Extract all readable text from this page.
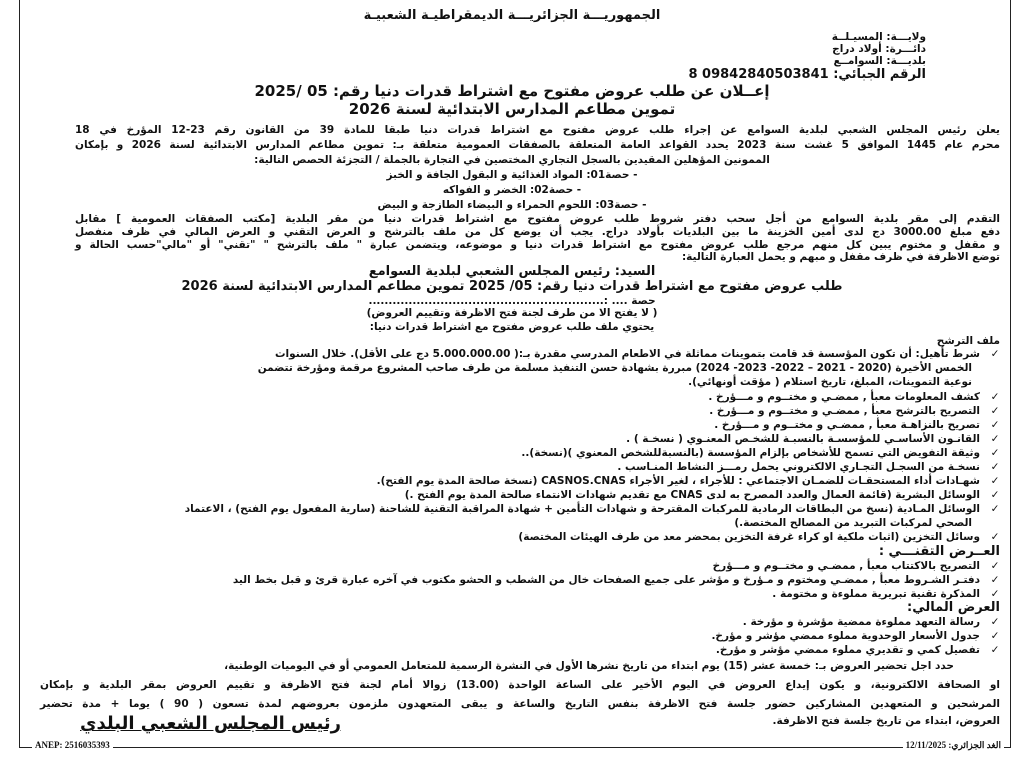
الجمهوريـــة الجزائريـــة الديمقراطيـة الشعبيـة
ولايـــة: المسيـلــة
دائـــرة: أولاد دراج
بلديـــة: السوامــع
الرقم الجبائي: 09842840503841 8
إعــلان عن طلب عروض مفتوح مع اشتراط قدرات دنيا رقم: 05 /2025
تموين مطاعم المدارس الابتدائية لسنة 2026
يعلن رئيس المجلس الشعبي لبلدية السوامع عن إجراء طلب عروض مفتوح مع اشتراط قدرات دنيا طبقا للمادة 39 من القانون رقم 23-12 المؤرخ في 18
محرم عام 1445 الموافق 5 غشت سنة 2023 يحدد القواعد العامة المتعلقة بالصفقات العمومية متعلقة بـ: تموين مطاعم المدارس الابتدائية لسنة 2026 و بإمكان
الممونين المؤهلين المقيدين بالسجل التجاري المختصين في التجارة بالجملة / التجزئة الحصص التالية:
- حصة01: المواد الغذائية و البقول الجافة و الخبز
- حصة02: الخضر و الفواكه
- حصة03: اللحوم الحمراء و البيضاء الطازجة و البيض
التقدم إلى مقر بلدية السوامع من أجل سحب دفتر شروط طلب عروض مفتوح مع اشتراط قدرات دنيا من مقر البلدية [مكتب الصفقات العمومية ] مقابل
دفع مبلغ 3000.00 دج لدى أمين الخزينة ما بين البلديات بأولاد دراج. يجب أن يوضع كل من ملف بالترشح و العرض التقني و العرض المالي في ظرف منفصل
و مقفل و مختوم يبين كل منهم مرجع طلب عروض مفتوح مع اشتراط قدرات دنيا و موضوعه، ويتضمن عبارة " ملف بالترشح " "تقني" أو "مالي"حسب الحالة و
توضع الاظرفة في ظرف مقفل و مبهم و يحمل العبارة التالية:
السيد: رئيس المجلس الشعبي لبلدية السوامع
طلب عروض مفتوح مع اشتراط قدرات دنيا رقم: 05/ 2025 تموين مطاعم المدارس الابتدائية لسنة 2026
حصة .... :...........................................................
( لا يفتح الا من طرف لجنة فتح الاظرفة وتقييم العروض)
يحتوي ملف طلب عروض مفتوح مع اشتراط قدرات دنيا:
ملف الترشح
✓شرط تأهيل: أن تكون المؤسسة قد قامت بتموينات مماثلة في الاطعام المدرسي مقدرة بـ:( 5.000.000.00 دج على الأقل). خلال السنوات
الخمس الأخيرة (2020 - 2021 – 2022- 2023- 2024) مبررة بشهادة حسن التنفيذ مسلمة من طرف صاحب المشروع مرقمة ومؤرخة تتضمن
نوعية التموينات، المبلغ، تاريخ استلام ( مؤقت أونهائي).
✓كشف المعلومات معبأ , ممضـي و مختــوم و مـــؤرخ .
✓التصريح بالترشح معبأ , ممضـي و مختــوم و مـــؤرخ .
✓تصريح بالنزاهـة معبأ , ممضـي و مختــوم و مـــؤرخ .
✓القانـون الأساسـي للمؤسسـة بالنسبـة للشخـص المعنـوي ( نسخـة ) .
✓وثيقة التفويض التي تسمح للأشخاص بإلزام المؤسسة (بالنسبةللشخص المعنوي )(نسخة)..
✓نسخـة من السجـل التجـاري الالكتروني يحمل رمـــز النشاط المنـاسب .
✓شهـادات أداء المستحقـات للضمـان الاجتماعي : للأجراء ، لغير الأجراء CASNOS.CNAS (نسخة صالحة المدة يوم الفتح).
✓الوسائل البشرية (قائمة العمال والعدد المصرح به لدى CNAS مع تقديم شهادات الانتماء صالحة المدة يوم الفتح .)
✓الوسائل المـادية (نسخ من البطاقات الرمادية للمركبات المقترحة و شهادات التأمين + شهادة المراقبة التقنية للشاحنة (سارية المفعول يوم الفتح) ، الاعتماد
الصحي لمركبات التبريد من المصالح المختصة.)
✓وسائل التخزين (اثبات ملكية او كراء غرفة التخزين بمحضر معد من طرف الهيئات المختصة)
العــرض التقنـــي :
✓التصريح بالاكتتاب معبأ , ممضـي و مختــوم و مـــؤرخ
✓دفتـر الشـروط معبأ , ممضـي ومختوم و مـؤرخ و مؤشر على جميع الصفحات خال من الشطب و الحشو مكتوب في آخره عبارة قرئ و قبل بخط اليد
✓المذكرة تقنية تبريرية مملوءة و مختومة .
العرض المالي:
✓رسالة التعهد مملوءة ممضية مؤشرة و مؤرخة .
✓جدول الأسعار الوحدوية مملوء ممضي مؤشر و مؤرخ.
✓تفصيل كمي و تقديري مملوء ممضي مؤشر و مؤرخ.
حدد اجل تحضير العروض بـ: خمسة عشر (15) يوم ابتداء من تاريخ نشرها الأول في النشرة الرسمية للمتعامل العمومي أو في اليوميات الوطنية،
او الصحافة الالكترونية، و يكون إيداع العروض في اليوم الأخير على الساعة الواحدة (13.00) زوالا أمام لجنة فتح الاظرفة و تقييم العروض بمقر البلدية و بإمكان
المرشحين و المتعهدين المشاركين حضور جلسة فتح الاظرفة بنفس التاريخ والساعة و يبقى المتعهدون ملزمون بعروضهم لمدة تسعون ( 90 ) يوما + مدة تحضير
العروض، ابتداء من تاريخ جلسة فتح الاظرفة.
رئيس المجلس الشعبي البلدي
ANEP: 2516035393	الغد الجزائري: 12/11/2025
